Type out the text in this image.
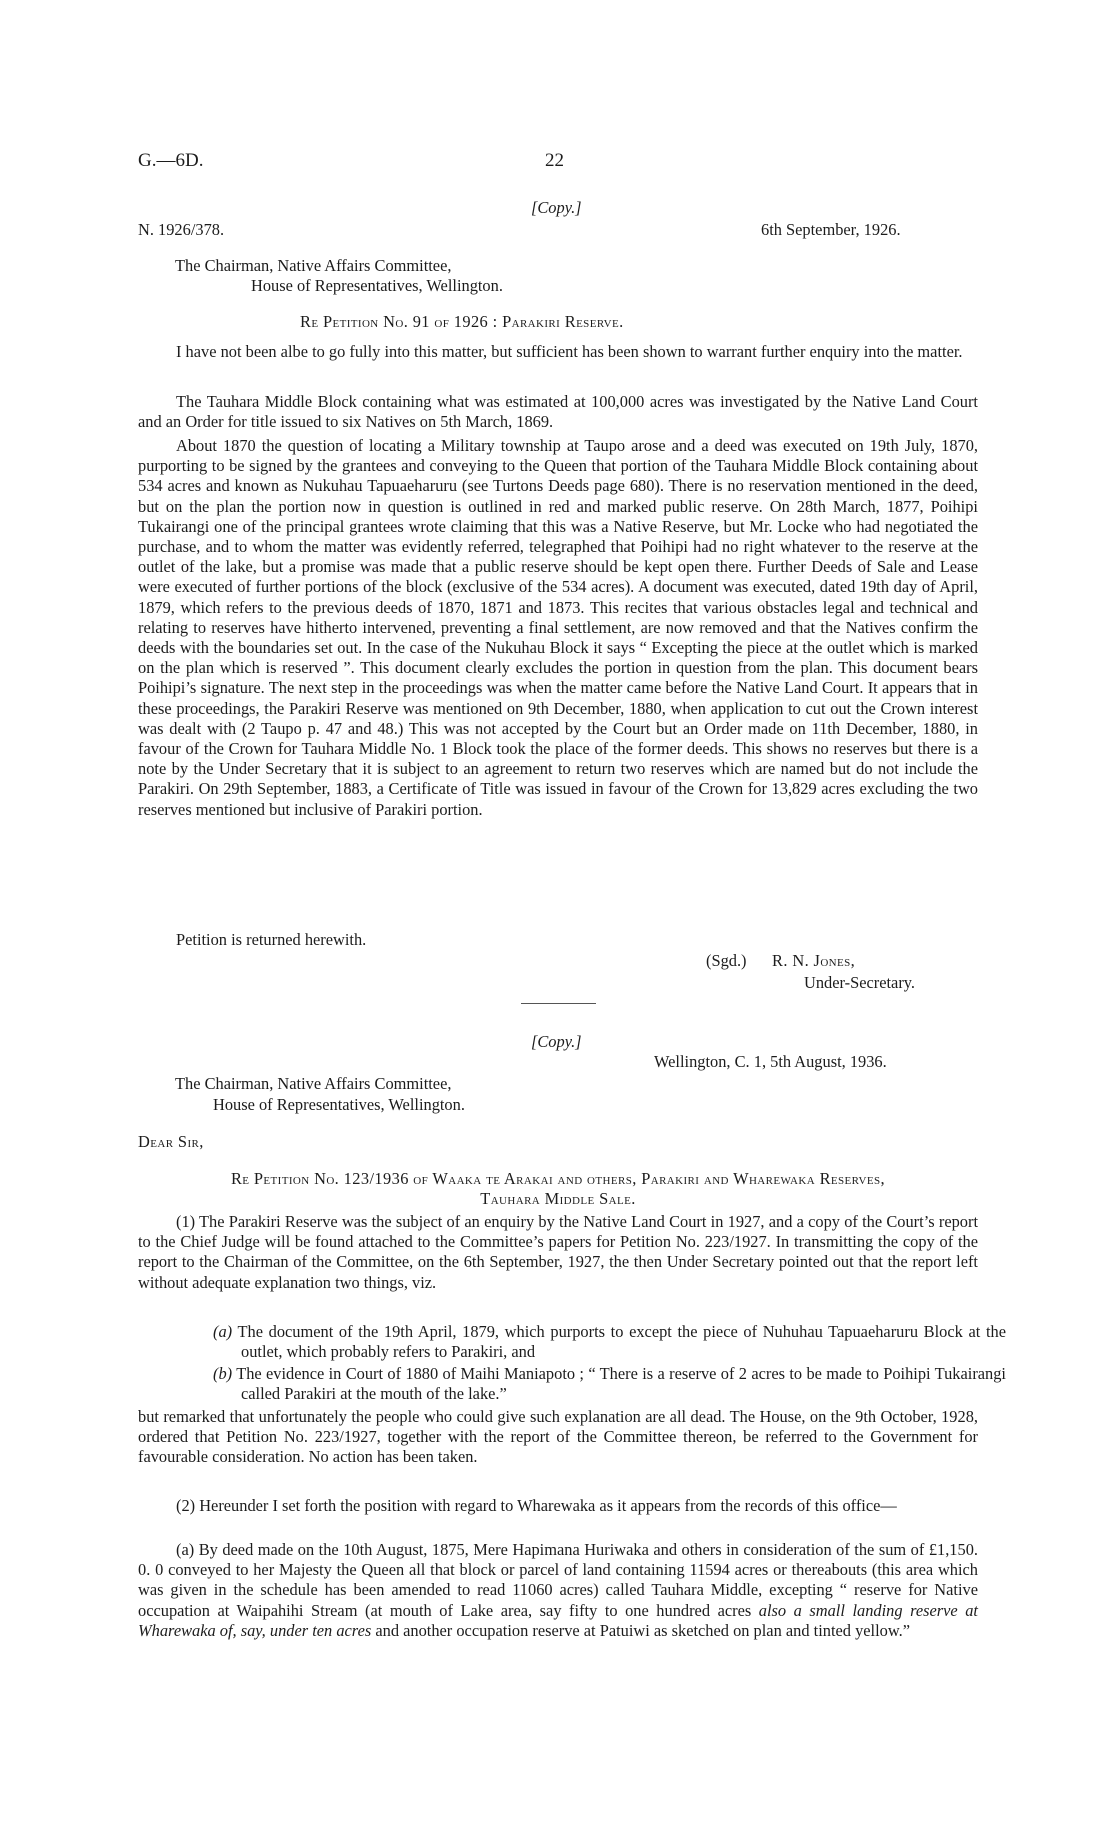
G.—6D.	22
[Copy.]
N. 1926/378.	6th September, 1926.
The Chairman, Native Affairs Committee,
House of Representatives, Wellington.
Re Petition No. 91 of 1926 : Parakiri Reserve.

I have not been albe to go fully into this matter, but sufficient has been shown to warrant further enquiry into the matter.

The Tauhara Middle Block containing what was estimated at 100,000 acres was investigated by the Native Land Court and an Order for title issued to six Natives on 5th March, 1869.

About 1870 the question of locating a Military township at Taupo arose and a deed was executed on 19th July, 1870, purporting to be signed by the grantees and conveying to the Queen that portion of the Tauhara Middle Block containing about 534 acres and known as Nukuhau Tapuaeharuru (see Turtons Deeds page 680). There is no reservation mentioned in the deed, but on the plan the portion now in question is outlined in red and marked public reserve. On 28th March, 1877, Poihipi Tukairangi one of the principal grantees wrote claiming that this was a Native Reserve, but Mr. Locke who had negotiated the purchase, and to whom the matter was evidently referred, telegraphed that Poihipi had no right whatever to the reserve at the outlet of the lake, but a promise was made that a public reserve should be kept open there. Further Deeds of Sale and Lease were executed of further portions of the block (exclusive of the 534 acres). A document was executed, dated 19th day of April, 1879, which refers to the previous deeds of 1870, 1871 and 1873. This recites that various obstacles legal and technical and relating to reserves have hitherto intervened, preventing a final settlement, are now removed and that the Natives confirm the deeds with the boundaries set out. In the case of the Nukuhau Block it says “ Excepting the piece at the outlet which is marked on the plan which is reserved ”. This document clearly excludes the portion in question from the plan. This document bears Poihipi’s signature. The next step in the proceedings was when the matter came before the Native Land Court. It appears that in these proceedings, the Parakiri Reserve was mentioned on 9th December, 1880, when application to cut out the Crown interest was dealt with (2 Taupo p. 47 and 48.) This was not accepted by the Court but an Order made on 11th December, 1880, in favour of the Crown for Tauhara Middle No. 1 Block took the place of the former deeds. This shows no reserves but there is a note by the Under Secretary that it is subject to an agreement to return two reserves which are named but do not include the Parakiri. On 29th September, 1883, a Certificate of Title was issued in favour of the Crown for 13,829 acres excluding the two reserves mentioned but inclusive of Parakiri portion.

Petition is returned herewith.

(Sgd.) R. N. Jones,
Under-Secretary.
[Copy.]
Wellington, C. 1, 5th August, 1936.
The Chairman, Native Affairs Committee,
House of Representatives, Wellington.
Dear Sir,
Re Petition No. 123/1936 of Waaka te Arakai and others, Parakiri and Wharewaka Reserves,
Tauhara Middle Sale.

(1) The Parakiri Reserve was the subject of an enquiry by the Native Land Court in 1927, and a copy of the Court’s report to the Chief Judge will be found attached to the Committee’s papers for Petition No. 223/1927. In transmitting the copy of the report to the Chairman of the Committee, on the 6th September, 1927, the then Under Secretary pointed out that the report left without adequate explanation two things, viz.

(a) The document of the 19th April, 1879, which purports to except the piece of Nuhuhau Tapuaeharuru Block at the outlet, which probably refers to Parakiri, and
(b) The evidence in Court of 1880 of Maihi Maniapoto ; “ There is a reserve of 2 acres to be made to Poihipi Tukairangi called Parakiri at the mouth of the lake.”

but remarked that unfortunately the people who could give such explanation are all dead. The House, on the 9th October, 1928, ordered that Petition No. 223/1927, together with the report of the Committee thereon, be referred to the Government for favourable consideration. No action has been taken.

(2) Hereunder I set forth the position with regard to Wharewaka as it appears from the records of this office—

(a) By deed made on the 10th August, 1875, Mere Hapimana Huriwaka and others in consideration of the sum of £1,150. 0. 0 conveyed to her Majesty the Queen all that block or parcel of land containing 11594 acres or thereabouts (this area which was given in the schedule has been amended to read 11060 acres) called Tauhara Middle, excepting “ reserve for Native occupation at Waipahihi Stream (at mouth of Lake area, say fifty to one hundred acres also a small landing reserve at Wharewaka of, say, under ten acres and another occupation reserve at Patuiwi as sketched on plan and tinted yellow.”
